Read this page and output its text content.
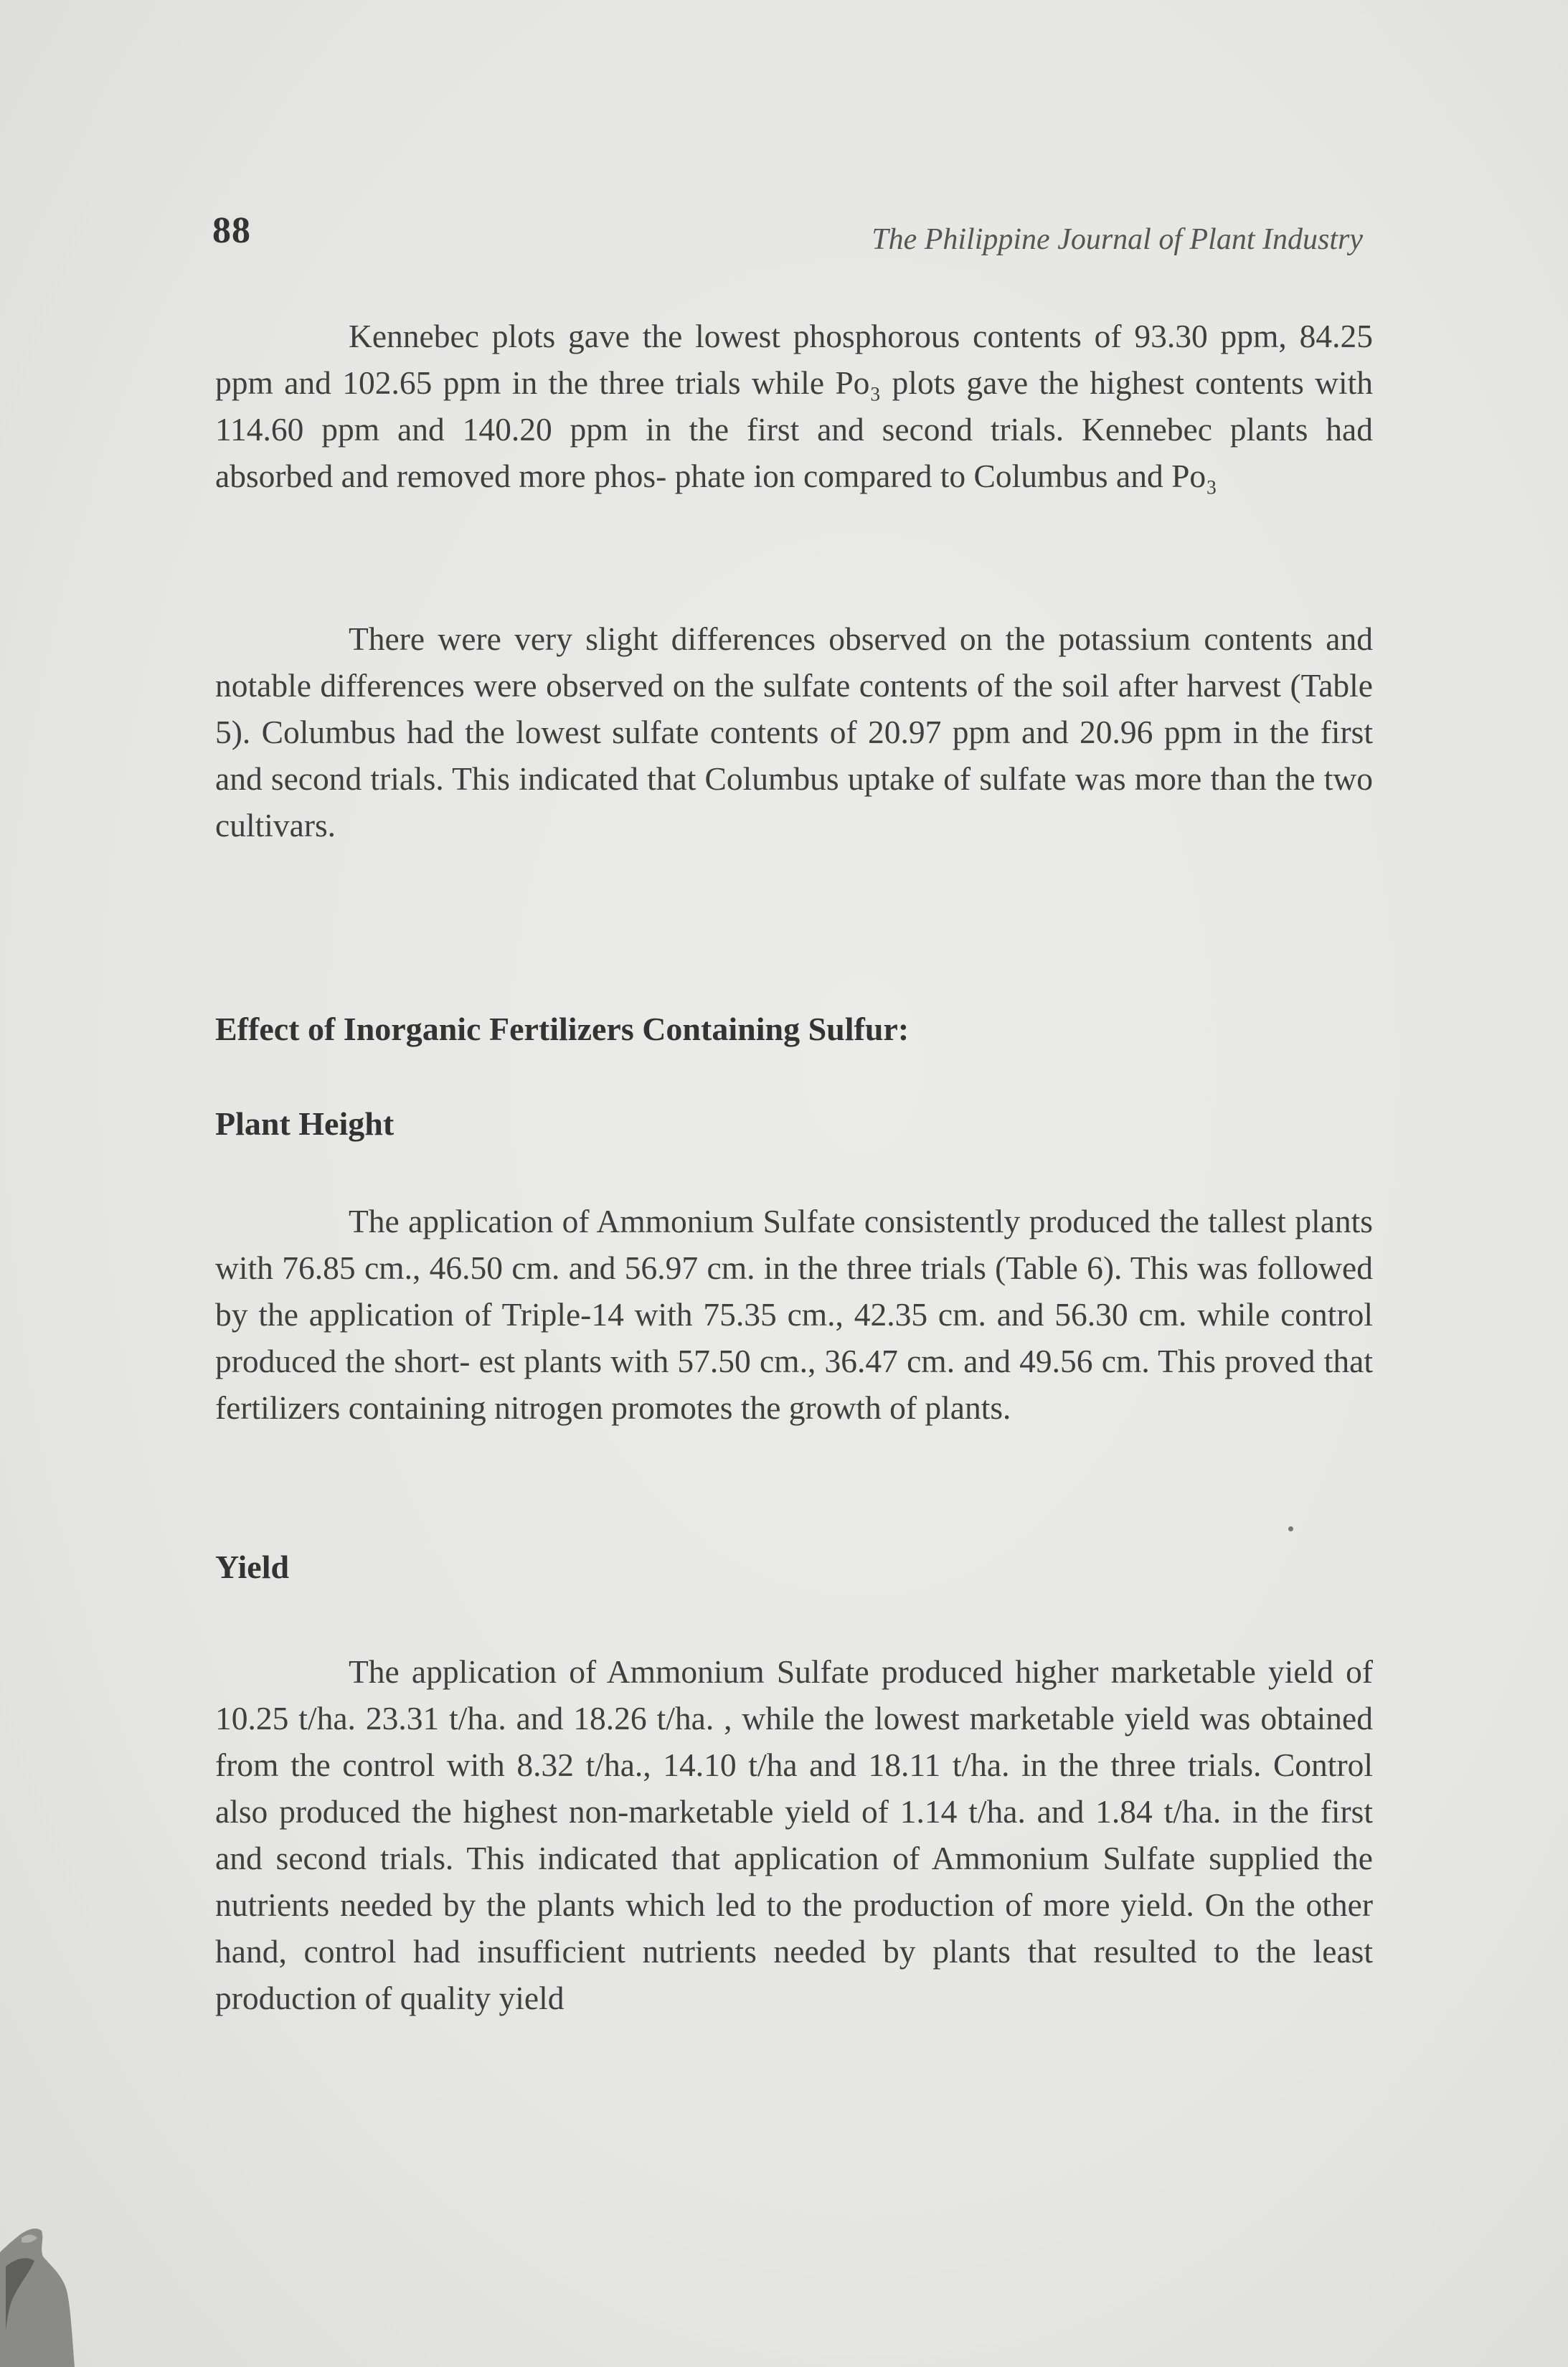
88	The Philippine Journal of Plant Industry
Kennebec plots gave the lowest phosphorous contents of 93.30 ppm, 84.25 ppm and 102.65 ppm in the three trials while Po₃ plots gave the highest contents with 114.60 ppm and 140.20 ppm in the first and second trials. Kennebec plants had absorbed and removed more phos- phate ion compared to Columbus and Po₃
There were very slight differences observed on the potassium contents and notable differences were observed on the sulfate contents of the soil after harvest (Table 5). Columbus had the lowest sulfate contents of 20.97 ppm and 20.96 ppm in the first and second trials. This indicated that Columbus uptake of sulfate was more than the two cultivars.
Effect of Inorganic Fertilizers Containing Sulfur:
Plant Height
The application of Ammonium Sulfate consistently produced the tallest plants with 76.85 cm., 46.50 cm. and 56.97 cm. in the three trials (Table 6). This was followed by the application of Triple-14 with 75.35 cm., 42.35 cm. and 56.30 cm. while control produced the short- est plants with 57.50 cm., 36.47 cm. and 49.56 cm. This proved that fertilizers containing nitrogen promotes the growth of plants.
Yield
The application of Ammonium Sulfate produced higher marketable yield of 10.25 t/ha. 23.31 t/ha. and 18.26 t/ha. , while the lowest marketable yield was obtained from the control with 8.32 t/ha., 14.10 t/ha and 18.11 t/ha. in the three trials. Control also produced the highest non-marketable yield of 1.14 t/ha. and 1.84 t/ha. in the first and second trials. This indicated that application of Ammonium Sulfate supplied the nutrients needed by the plants which led to the production of more yield. On the other hand, control had insufficient nutrients needed by plants that resulted to the least production of quality yield
